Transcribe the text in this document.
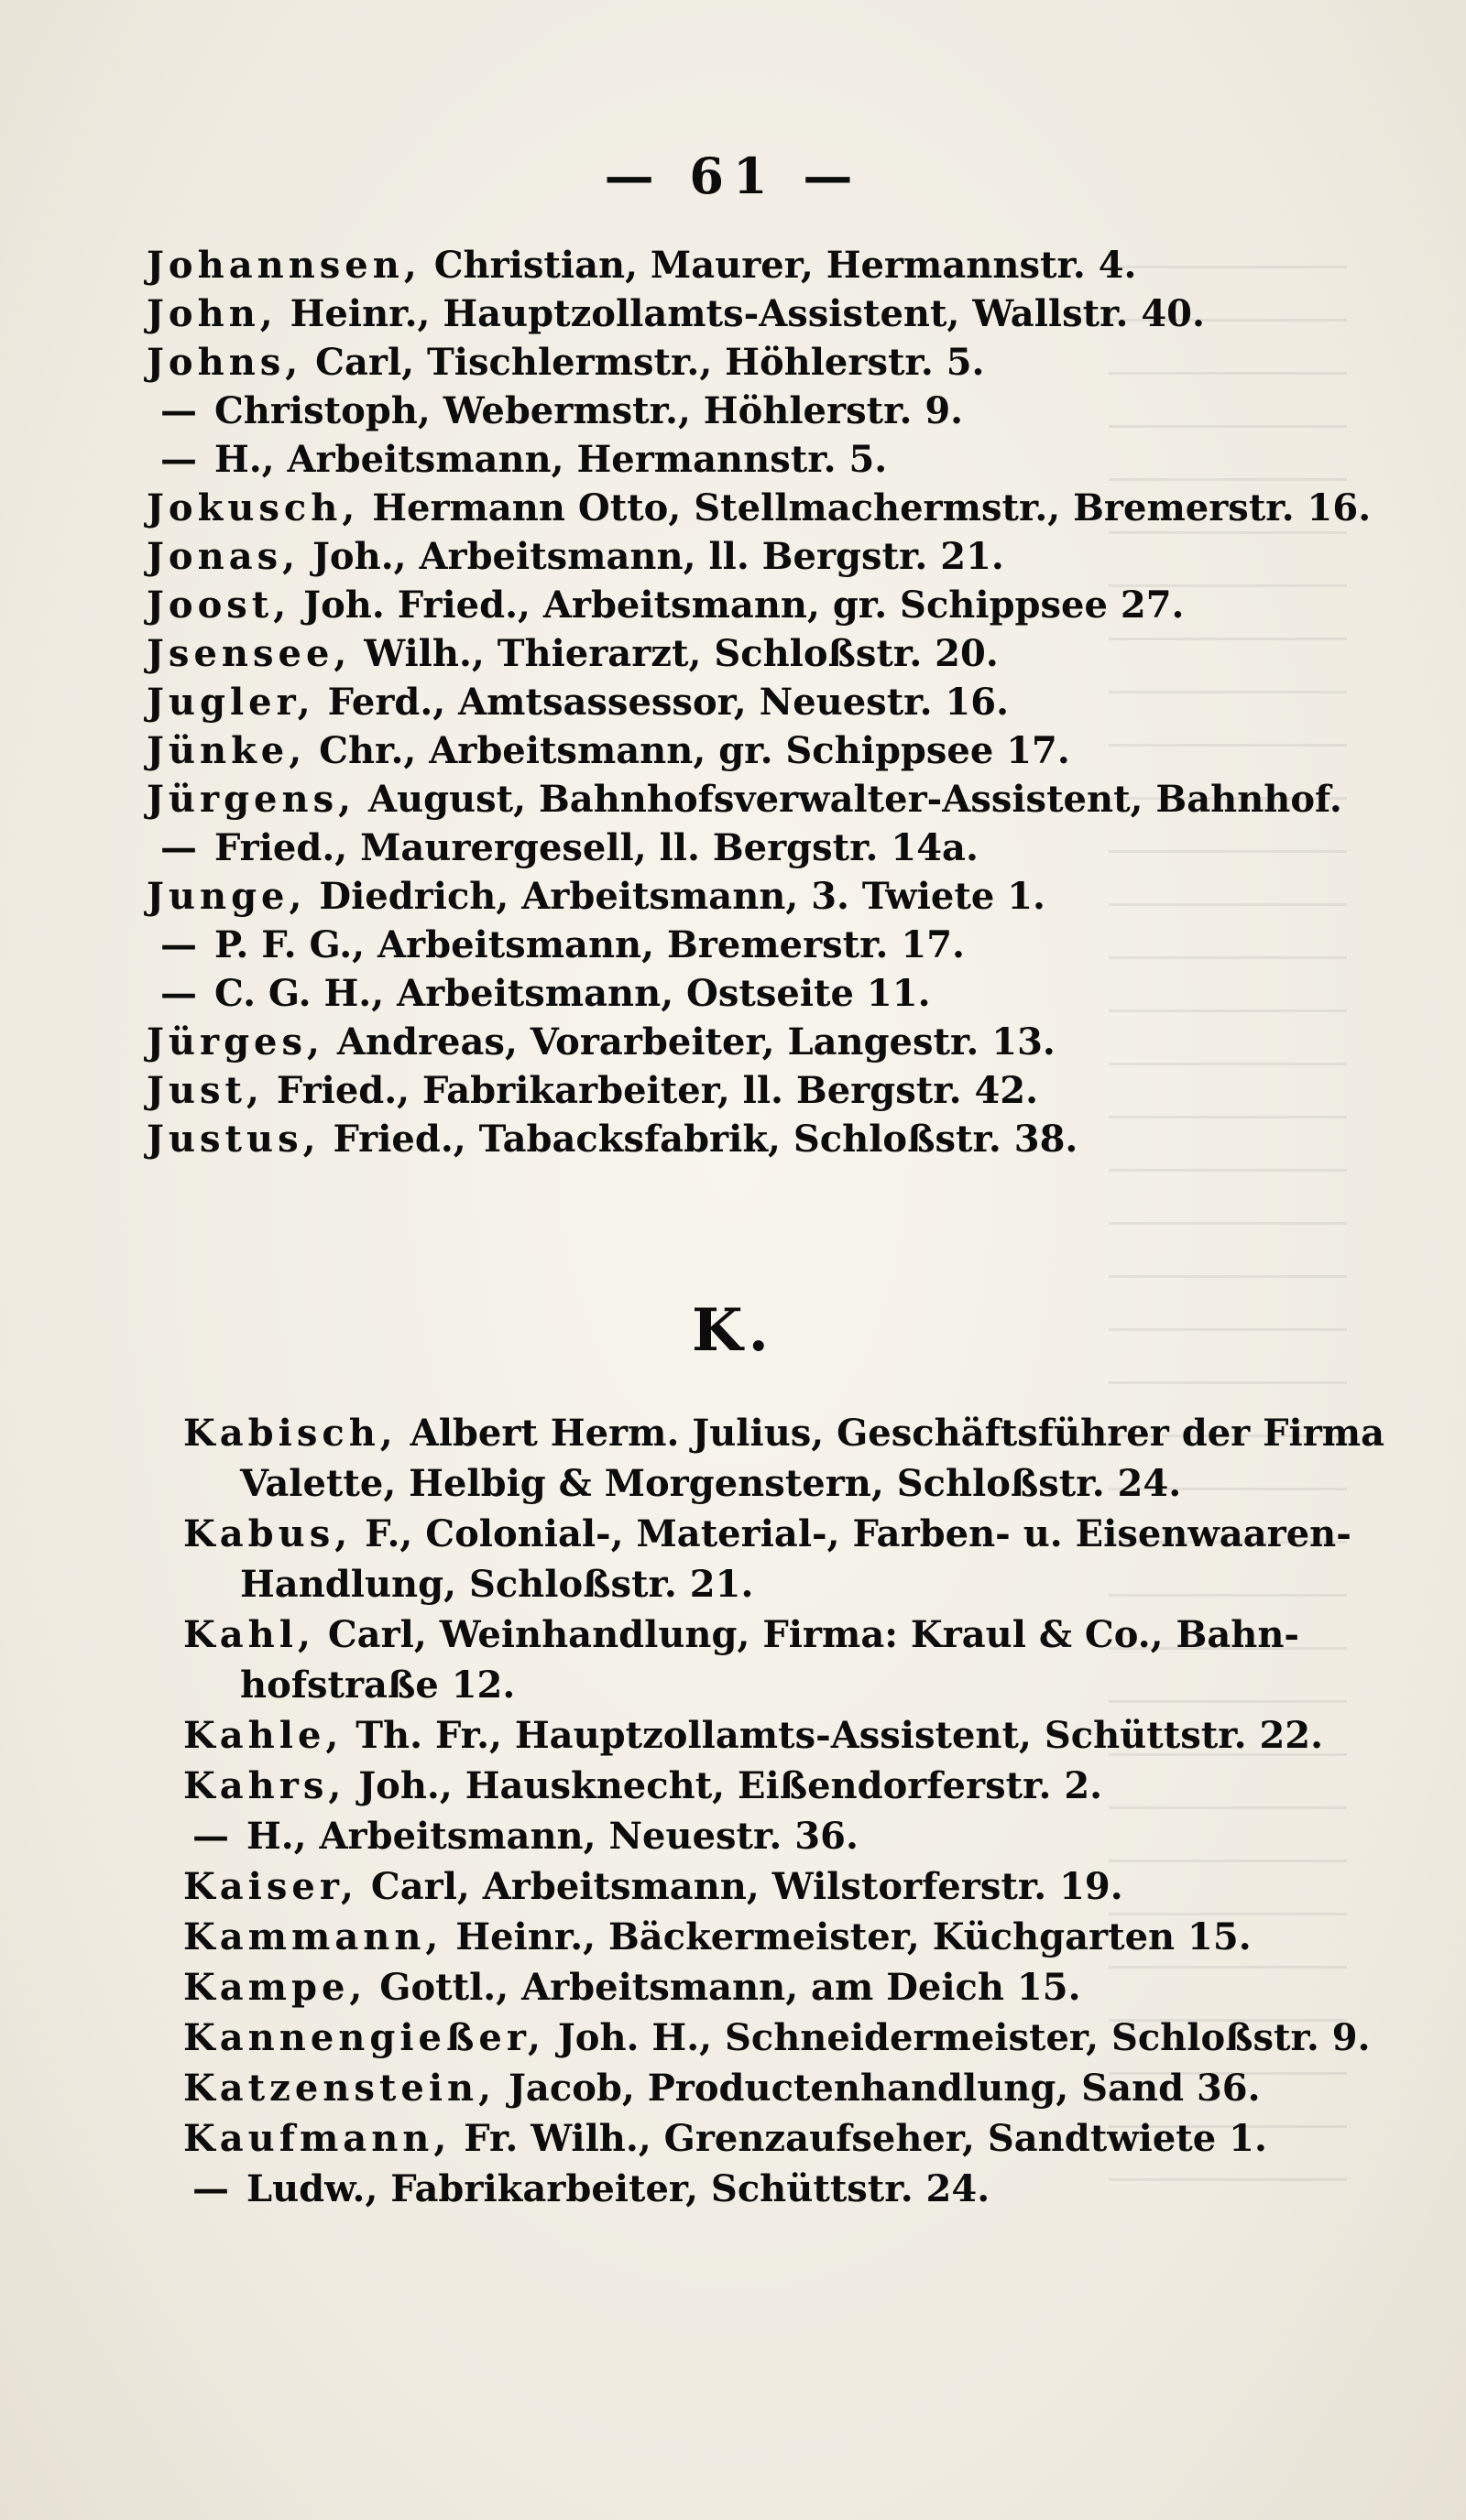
— 61 —
Johannsen, Christian, Maurer, Hermannstr. 4.
John, Heinr., Hauptzollamts-Assistent, Wallstr. 40.
Johns, Carl, Tischlermstr., Höhlerstr. 5.
— Christoph, Webermstr., Höhlerstr. 9.
— H., Arbeitsmann, Hermannstr. 5.
Jokusch, Hermann Otto, Stellmachermstr., Bremerstr. 16.
Jonas, Joh., Arbeitsmann, ll. Bergstr. 21.
Joost, Joh. Fried., Arbeitsmann, gr. Schippsee 27.
Jsensee, Wilh., Thierarzt, Schloßstr. 20.
Jugler, Ferd., Amtsassessor, Neuestr. 16.
Jünke, Chr., Arbeitsmann, gr. Schippsee 17.
Jürgens, August, Bahnhofsverwalter-Assistent, Bahnhof.
— Fried., Maurergesell, ll. Bergstr. 14a.
Junge, Diedrich, Arbeitsmann, 3. Twiete 1.
— P. F. G., Arbeitsmann, Bremerstr. 17.
— C. G. H., Arbeitsmann, Ostseite 11.
Jürges, Andreas, Vorarbeiter, Langestr. 13.
Just, Fried., Fabrikarbeiter, ll. Bergstr. 42.
Justus, Fried., Tabacksfabrik, Schloßstr. 38.
K.
Kabisch, Albert Herm. Julius, Geschäftsführer der Firma
Valette, Helbig & Morgenstern, Schloßstr. 24.
Kabus, F., Colonial-, Material-, Farben- u. Eisenwaaren-
Handlung, Schloßstr. 21.
Kahl, Carl, Weinhandlung, Firma: Kraul & Co., Bahn-
hofstraße 12.
Kahle, Th. Fr., Hauptzollamts-Assistent, Schüttstr. 22.
Kahrs, Joh., Hausknecht, Eißendorferstr. 2.
— H., Arbeitsmann, Neuestr. 36.
Kaiser, Carl, Arbeitsmann, Wilstorferstr. 19.
Kammann, Heinr., Bäckermeister, Küchgarten 15.
Kampe, Gottl., Arbeitsmann, am Deich 15.
Kannengießer, Joh. H., Schneidermeister, Schloßstr. 9.
Katzenstein, Jacob, Productenhandlung, Sand 36.
Kaufmann, Fr. Wilh., Grenzaufseher, Sandtwiete 1.
— Ludw., Fabrikarbeiter, Schüttstr. 24.
